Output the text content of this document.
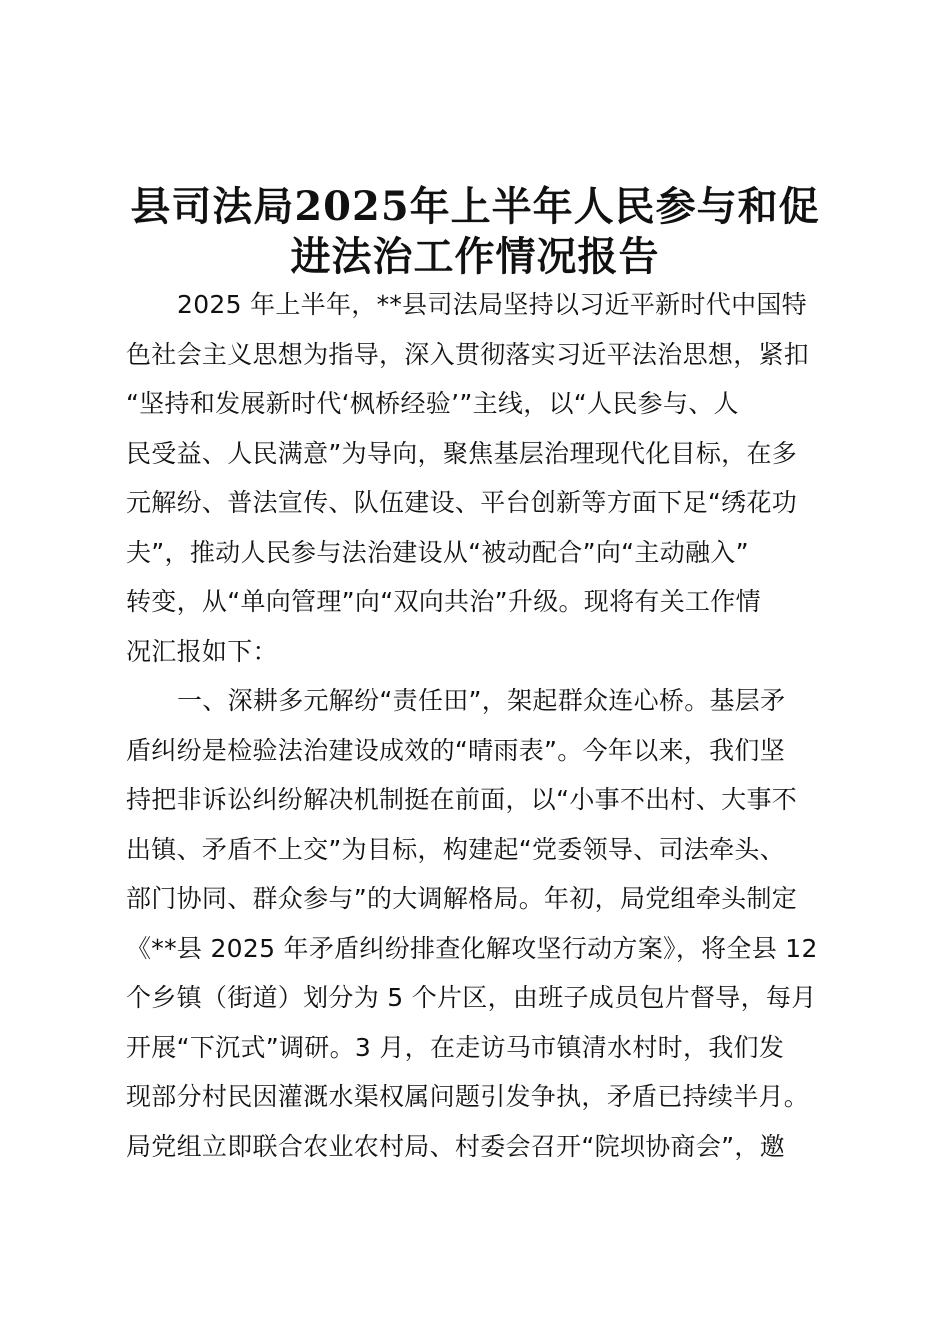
县司法局2025年上半年人民参与和促
进法治工作情况报告
2025 年上半年，**县司法局坚持以习近平新时代中国特
色社会主义思想为指导，深入贯彻落实习近平法治思想，紧扣
“坚持和发展新时代‘枫桥经验’”主线，以“人民参与、人
民受益、人民满意”为导向，聚焦基层治理现代化目标，在多
元解纷、普法宣传、队伍建设、平台创新等方面下足“绣花功
夫”，推动人民参与法治建设从“被动配合”向“主动融入”
转变，从“单向管理”向“双向共治”升级。现将有关工作情
况汇报如下：
一、深耕多元解纷“责任田”，架起群众连心桥。基层矛
盾纠纷是检验法治建设成效的“晴雨表”。今年以来，我们坚
持把非诉讼纠纷解决机制挺在前面，以“小事不出村、大事不
出镇、矛盾不上交”为目标，构建起“党委领导、司法牵头、
部门协同、群众参与”的大调解格局。年初，局党组牵头制定
《**县 2025 年矛盾纠纷排查化解攻坚行动方案》，将全县 12
个乡镇（街道）划分为 5 个片区，由班子成员包片督导，每月
开展“下沉式”调研。3 月，在走访马市镇清水村时，我们发
现部分村民因灌溉水渠权属问题引发争执，矛盾已持续半月。
局党组立即联合农业农村局、村委会召开“院坝协商会”，邀
